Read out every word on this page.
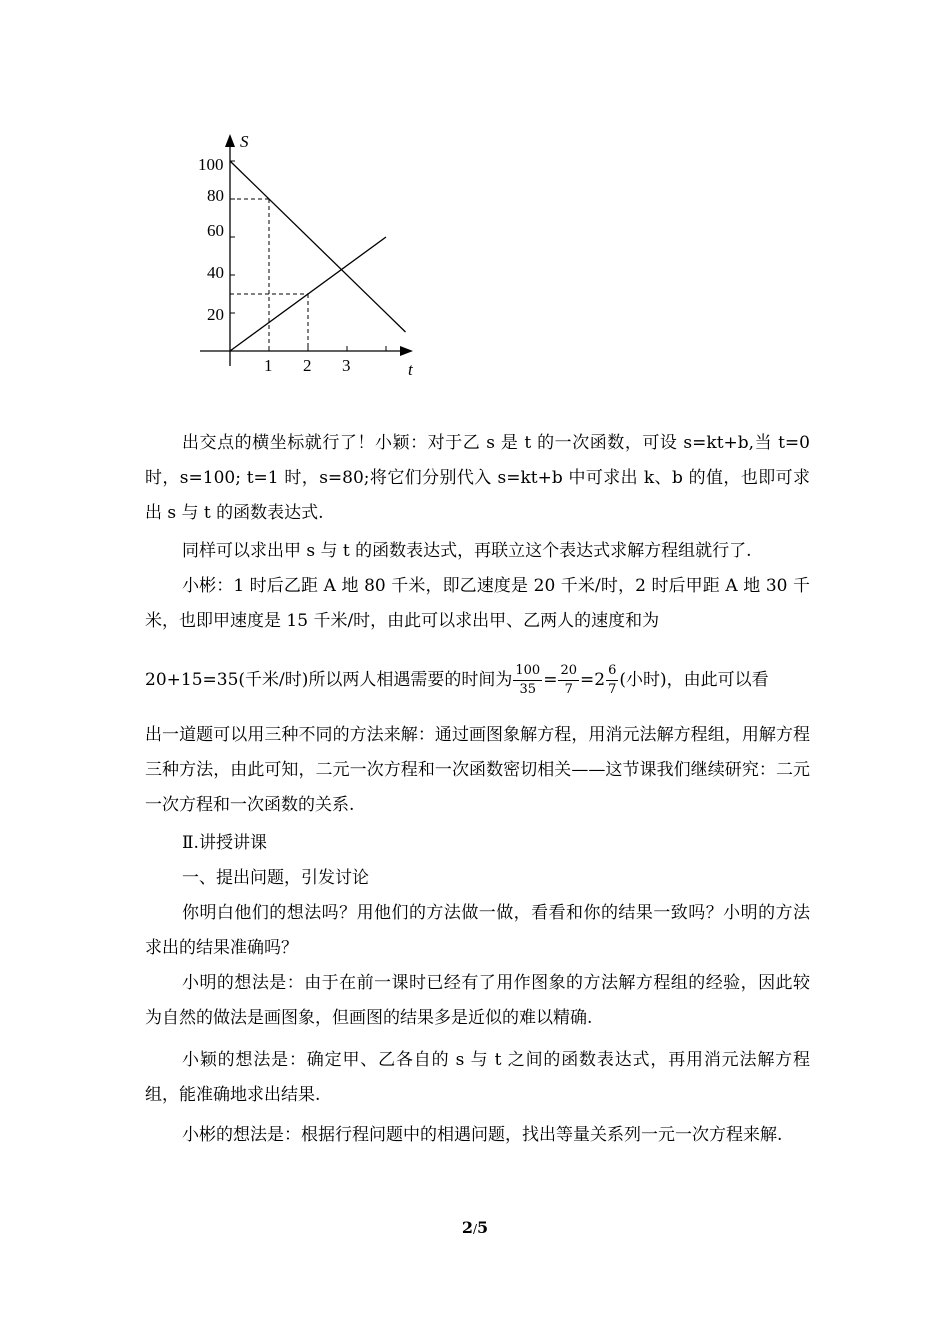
S
t
100
80
60
40
20
1 2 3
出交点的横坐标就行了！小颖：对于乙 s 是 t 的一次函数，可设 s=kt+b,当 t=0 时，s=100; t=1 时，s=80;将它们分别代入 s=kt+b 中可求出 k、b 的值，也即可求出 s 与 t 的函数表达式.
同样可以求出甲 s 与 t 的函数表达式，再联立这个表达式求解方程组就行了.
小彬：1 时后乙距 A 地 80 千米，即乙速度是 20 千米/时，2 时后甲距 A 地 30 千米，也即甲速度是 15 千米/时，由此可以求出甲、乙两人的速度和为
20+15=35(千米/时)所以两人相遇需要的时间为 $\frac{100}{35} = \frac{20}{7} =2 \frac{6}{7}$ (小时)，由此可以看
出一道题可以用三种不同的方法来解：通过画图象解方程，用消元法解方程组，用解方程三种方法，由此可知，二元一次方程和一次函数密切相关——这节课我们继续研究：二元一次方程和一次函数的关系.
Ⅱ.讲授讲课
一、提出问题，引发讨论
你明白他们的想法吗？用他们的方法做一做，看看和你的结果一致吗？小明的方法求出的结果准确吗？
小明的想法是：由于在前一课时已经有了用作图象的方法解方程组的经验，因此较为自然的做法是画图象，但画图的结果多是近似的难以精确.
小颖的想法是：确定甲、乙各自的 s 与 t 之间的函数表达式，再用消元法解方程组，能准确地求出结果.
小彬的想法是：根据行程问题中的相遇问题，找出等量关系列一元一次方程来解.
2/5
